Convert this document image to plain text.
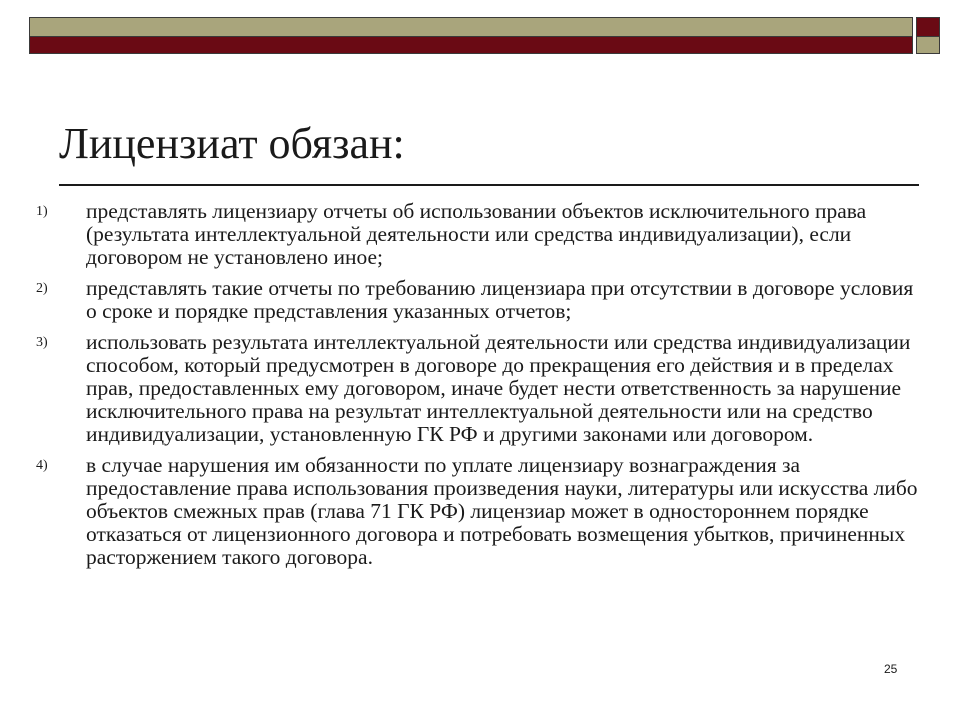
Лицензиат обязан:
1) представлять лицензиару отчеты об использовании объектов исключительного права (результата интеллектуальной деятельности или средства индивидуализации), если договором не установлено иное;
2) представлять такие отчеты по требованию лицензиара при отсутствии в договоре условия о сроке и порядке представления указанных отчетов;
3) использовать результата интеллектуальной деятельности или средства индивидуализации способом, который предусмотрен в договоре до прекращения его действия и в пределах прав, предоставленных ему договором, иначе будет нести ответственность за нарушение исключительного права на результат интеллектуальной деятельности или на средство индивидуализации, установленную ГК РФ и другими законами или договором.
4) в случае нарушения им обязанности по уплате лицензиару вознаграждения за предоставление права использования произведения науки, литературы или искусства либо объектов смежных прав (глава 71 ГК РФ) лицензиар может в одностороннем порядке отказаться от лицензионного договора и потребовать возмещения убытков, причиненных расторжением такого договора.
25
